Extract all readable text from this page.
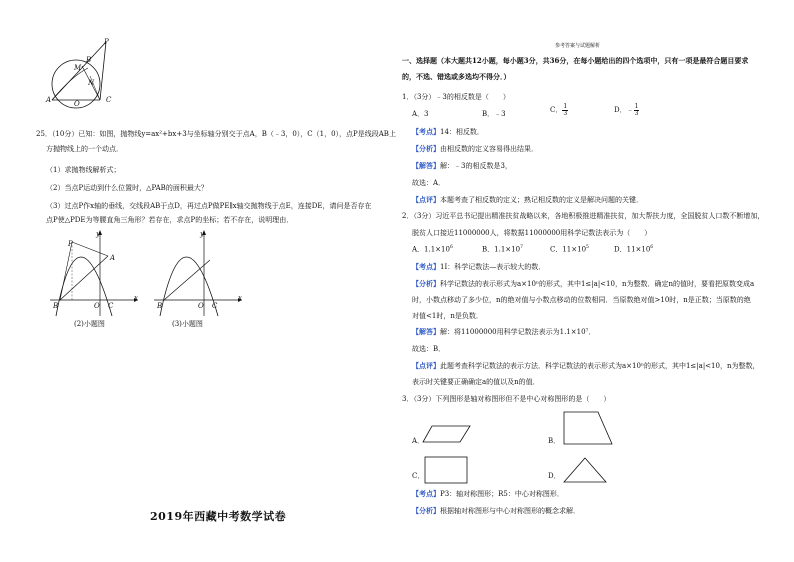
P
B
M
N
A	O	C
25．（10分）已知：如图，抛物线y=ax²+bx+3与坐标轴分别交于点A，B（﹣3，0），C（1，0），点P是线段AB上
方抛物线上的一个动点．
（1）求抛物线解析式；
（2）当点P运动到什么位置时，△PAB的面积最大？
（3）过点P作x轴的垂线，交线段AB于点D，再过点P做PE∥x轴交抛物线于点E，连接DE，请问是否存在
点P使△PDE为等腰直角三角形？若存在，求点P的坐标；若不存在，说明理由．
y
P
A
B	O C
x
(2)小题图
y
B	O C
x
(3)小题图
2019年西藏中考数学试卷
参考答案与试题解析
一、选择题（本大题共12小题，每小题3分，共36分，在每小题给出的四个选项中，只有一项是最符合题目要求
的，不选、错选或多选均不得分．）
1．（3分）﹣3的相反数是（　　）
A．3	B．﹣3	C． $\frac{1}{3}$	D．﹣ $\frac{1}{3}$
【考点】14：相反数．
【分析】由相反数的定义容易得出结果．
【解答】解：﹣3的相反数是3，
故选：A．
【点评】本题考查了相反数的定义；熟记相反数的定义是解决问题的关键．
2．（3分）习近平总书记提出精准扶贫战略以来，各地积极推进精准扶贫，加大帮扶力度，全国脱贫人口数不断增加，
脱贫人口接近11000000人，将数据11000000用科学记数法表示为（　　）
A．$1.1\times 10^6$	B．$1.1\times 10^7$	C．$11\times 10^5$	D．$11\times 10^6$
【考点】1I：科学记数法—表示较大的数．
【分析】科学记数法的表示形式为a×10ⁿ的形式，其中1≤|a|<10，n为整数．确定n的值时，要看把原数变成a
时，小数点移动了多少位，n的绝对值与小数点移动的位数相同．当原数绝对值>10时，n是正数；当原数的绝
对值<1时，n是负数．
【解答】解：将11000000用科学记数法表示为1.1×10⁷．
故选：B．
【点评】此题考查科学记数法的表示方法．科学记数法的表示形式为a×10ⁿ的形式，其中1≤|a|<10，n为整数，
表示时关键要正确确定a的值以及n的值．
3．（3分）下列图形是轴对称图形但不是中心对称图形的是（　　）
A．	B．
C．	D．
【考点】P3：轴对称图形；R5：中心对称图形．
【分析】根据轴对称图形与中心对称图形的概念求解．
